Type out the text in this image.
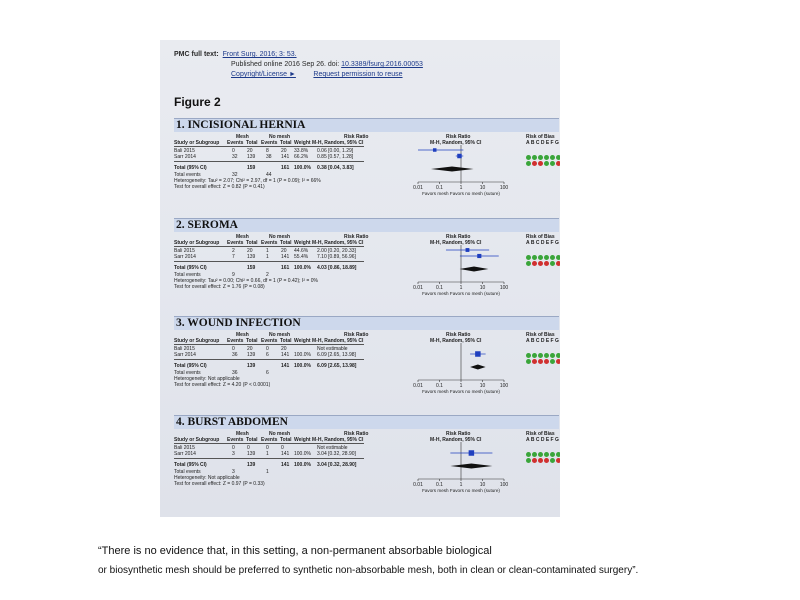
PMC full text: Front Surg. 2016; 3: 53.
Published online 2016 Sep 26. doi: 10.3389/fsurg.2016.00053
Copyright/License ►	Request permission to reuse
Figure 2
1. INCISIONAL HERNIA
Mesh	No mesh	Risk Ratio	Risk Ratio	Risk of Bias
Study or Subgroup Events Total Events Total Weight M-H, Random, 95% CI	M-H, Random, 95% CI	A B C D E F G
Bali 2015	0 20	8 20 33.8% 0.06 [0.00, 1.29]
Sarr 2014	32 139 38 141 66.2% 0.85 [0.57, 1.28]
Total (95% CI)	159	161 100.0% 0.38 [0.04, 3.83]
Total events	32	44
Heterogeneity: Tau² = 2.07; Chi² = 2.97, df = 1 (P = 0.09); I² = 66%
Test for overall effect: Z = 0.82 (P = 0.41)	0.01	0.1	1	10	100
Favors mesh Favors no mesh (suture)
2. SEROMA
Mesh	No mesh	Risk Ratio	Risk Ratio	Risk of Bias
Study or Subgroup Events Total Events Total Weight M-H, Random, 95% CI	M-H, Random, 95% CI	A B C D E F G
Bali 2015	2 20	1 20 44.6% 2.00 [0.20, 20.33]
Sarr 2014	7 139 1 141 55.4% 7.10 [0.89, 56.96]
Total (95% CI)	159	161 100.0% 4.03 [0.86, 18.89]
Total events	9	2
Heterogeneity: Tau² = 0.00; Chi² = 0.66, df = 1 (P = 0.42); I² = 0%
Test for overall effect: Z = 1.76 (P = 0.08)	0.01	0.1	1	10	100
Favors mesh Favors no mesh (suture)
3. WOUND INFECTION
Mesh	No mesh	Risk Ratio	Risk Ratio	Risk of Bias
Study or Subgroup Events Total Events Total Weight M-H, Random, 95% CI	M-H, Random, 95% CI	A B C D E F G
Bali 2015	0 20	0 20	Not estimable
Sarr 2014	36 139 6 141 100.0% 6.09 [2.65, 13.98]
Total (95% CI)	139	141 100.0% 6.09 [2.65, 13.98]
Total events	36	6
Heterogeneity: Not applicable
Test for overall effect: Z = 4.20 (P < 0.0001)	0.01	0.1	1	10	100
Favors mesh Favors no mesh (suture)
4. BURST ABDOMEN
Mesh	No mesh	Risk Ratio	Risk Ratio	Risk of Bias
Study or Subgroup Events Total Events Total Weight M-H, Random, 95% CI	M-H, Random, 95% CI	A B C D E F G
Bali 2015	0 0	0 0	Not estimable
Sarr 2014	3 139 1 141 100.0% 3.04 [0.32, 28.90]
Total (95% CI)	139	141 100.0% 3.04 [0.32, 28.90]
Total events	3	1
Heterogeneity: Not applicable
Test for overall effect: Z = 0.97 (P = 0.33)	0.01	0.1	1	10	100
Favors mesh Favors no mesh (suture)
“There is no evidence that, in this setting, a non-permanent absorbable biological
or biosynthetic mesh should be preferred to synthetic non-absorbable mesh, both in clean or clean-contaminated surgery”.
